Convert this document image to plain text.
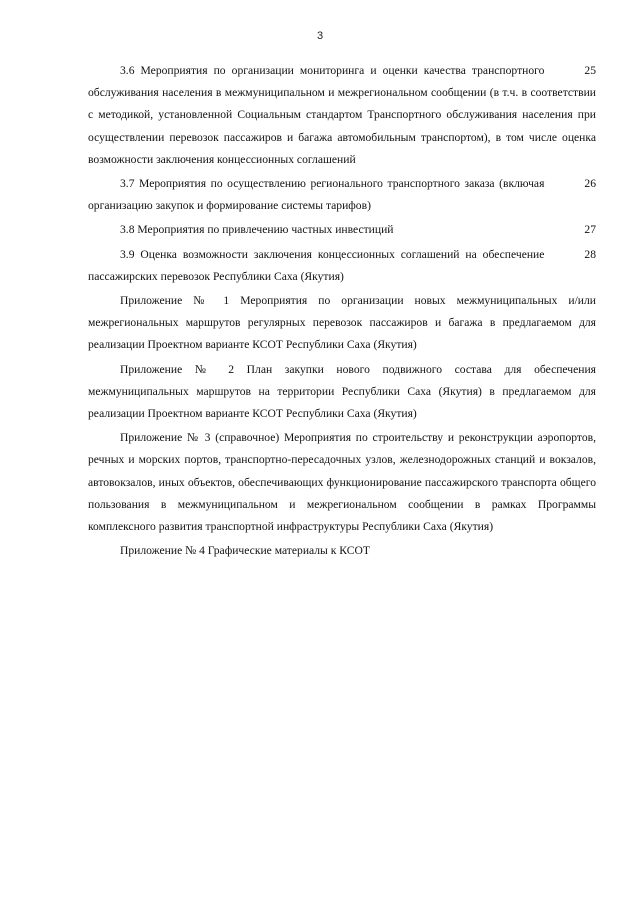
3

25
3.6 Мероприятия по организации мониторинга и оценки качества транспортного обслуживания населения в межмуниципальном и межрегиональном сообщении (в т.ч. в соответствии с методикой, установленной Социальным стандартом Транспортного обслуживания населения при осуществлении перевозок пассажиров и багажа автомобильным транспортом), в том числе оценка возможности заключения концессионных соглашений

26
3.7 Мероприятия по осуществлению регионального транспортного заказа (включая организацию закупок и формирование системы тарифов)

27
3.8 Мероприятия по привлечению частных инвестиций

28
3.9 Оценка возможности заключения концессионных соглашений на обеспечение пассажирских перевозок Республики Саха (Якутия)

Приложение № 1 Мероприятия по организации новых межмуниципальных и/или межрегиональных маршрутов регулярных перевозок пассажиров и багажа в предлагаемом для реализации Проектном варианте КСОТ Республики Саха (Якутия)

Приложение № 2 План закупки нового подвижного состава для обеспечения межмуниципальных маршрутов на территории Республики Саха (Якутия) в предлагаемом для реализации Проектном варианте КСОТ Республики Саха (Якутия)

Приложение № 3 (справочное) Мероприятия по строительству и реконструкции аэропортов, речных и морских портов, транспортно-пересадочных узлов, железнодорожных станций и вокзалов, автовокзалов, иных объектов, обеспечивающих функционирование пассажирского транспорта общего пользования в межмуниципальном и межрегиональном сообщении в рамках Программы комплексного развития транспортной инфраструктуры Республики Саха (Якутия)

Приложение № 4 Графические материалы к КСОТ
